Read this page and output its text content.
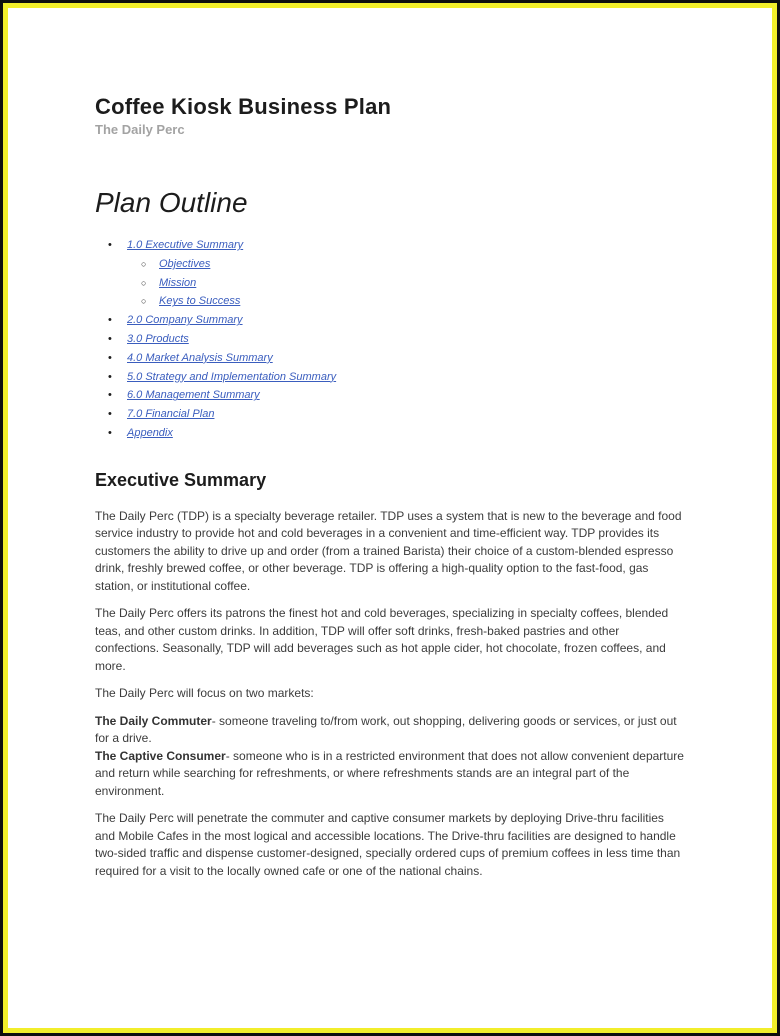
Coffee Kiosk Business Plan
The Daily Perc
Plan Outline
•	1.0 Executive Summary
○	Objectives
○	Mission
○	Keys to Success
•	2.0 Company Summary
•	3.0 Products
•	4.0 Market Analysis Summary
•	5.0 Strategy and Implementation Summary
•	6.0 Management Summary
•	7.0 Financial Plan
•	Appendix
Executive Summary

The Daily Perc (TDP) is a specialty beverage retailer. TDP uses a system that is new to the beverage and food service industry to provide hot and cold beverages in a convenient and time-efficient way. TDP provides its customers the ability to drive up and order (from a trained Barista) their choice of a custom-blended espresso drink, freshly brewed coffee, or other beverage. TDP is offering a high-quality option to the fast-food, gas station, or institutional coffee.

The Daily Perc offers its patrons the finest hot and cold beverages, specializing in specialty coffees, blended teas, and other custom drinks. In addition, TDP will offer soft drinks, fresh-baked pastries and other confections. Seasonally, TDP will add beverages such as hot apple cider, hot chocolate, frozen coffees, and more.

The Daily Perc will focus on two markets:

The Daily Commuter- someone traveling to/from work, out shopping, delivering goods or services, or just out for a drive.
The Captive Consumer- someone who is in a restricted environment that does not allow convenient departure and return while searching for refreshments, or where refreshments stands are an integral part of the environment.

The Daily Perc will penetrate the commuter and captive consumer markets by deploying Drive-thru facilities and Mobile Cafes in the most logical and accessible locations. The Drive-thru facilities are designed to handle two-sided traffic and dispense customer-designed, specially ordered cups of premium coffees in less time than required for a visit to the locally owned cafe or one of the national chains.
